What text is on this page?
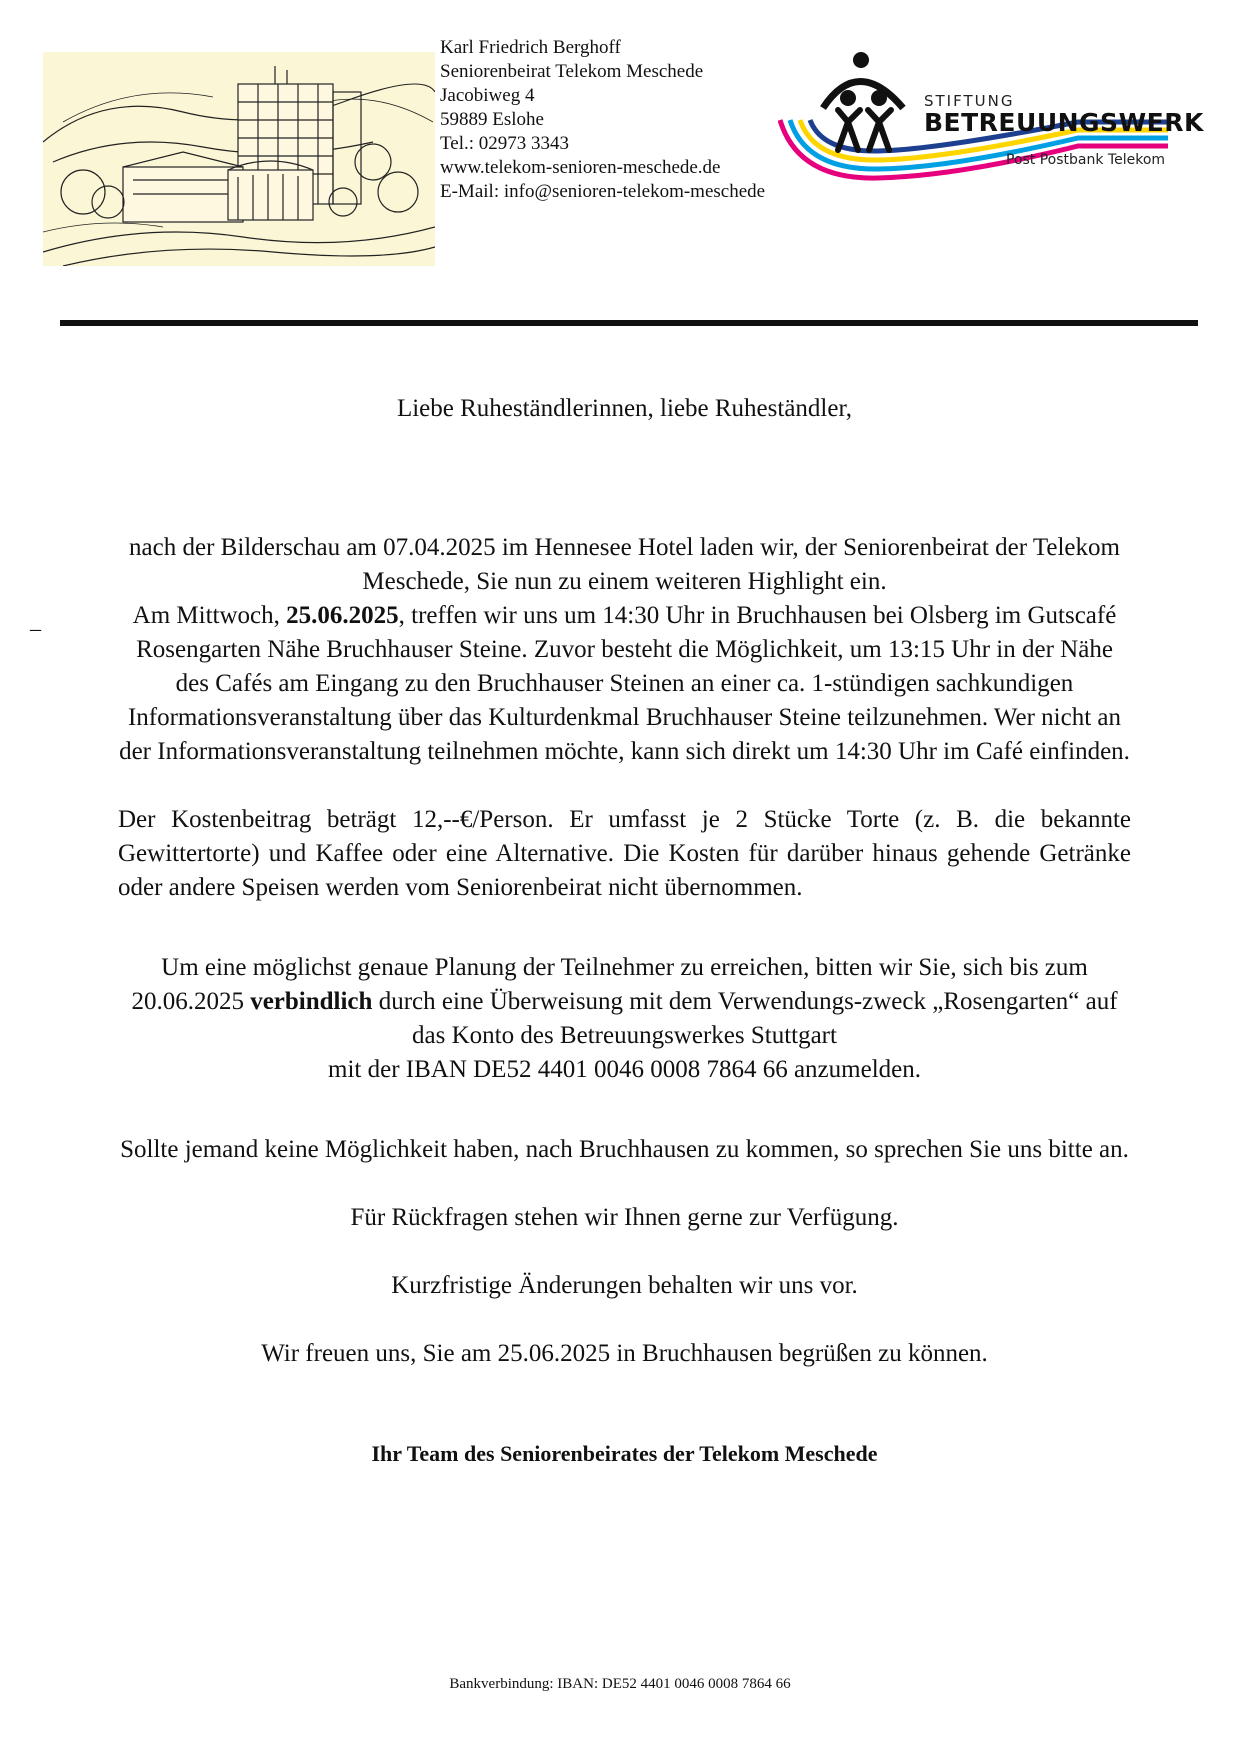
Karl Friedrich Berghoff
Seniorenbeirat Telekom Meschede
Jacobiweg 4
59889 Eslohe
Tel.: 02973 3343
www.telekom-senioren-meschede.de
E-Mail: info@senioren-telekom-meschede
STIFTUNG
BETREUUNGSWERK
Post Postbank Telekom
_

Liebe Ruheständlerinnen, liebe Ruheständler,

nach der Bilderschau am 07.04.2025 im Hennesee Hotel laden wir, der Seniorenbeirat der Telekom Meschede, Sie nun zu einem weiteren Highlight ein.

Am Mittwoch, 25.06.2025, treffen wir uns um 14:30 Uhr in Bruchhausen bei Olsberg im Gutscafé Rosengarten Nähe Bruchhauser Steine. Zuvor besteht die Möglichkeit, um 13:15 Uhr in der Nähe des Cafés am Eingang zu den Bruchhauser Steinen an einer ca. 1-stündigen sachkundigen Informationsveranstaltung über das Kulturdenkmal Bruchhauser Steine teilzunehmen. Wer nicht an der Informationsveranstaltung teilnehmen möchte, kann sich direkt um 14:30 Uhr im Café einfinden.

Der Kostenbeitrag beträgt 12,--€/Person. Er umfasst je 2 Stücke Torte (z. B. die bekannte Gewittertorte) und Kaffee oder eine Alternative. Die Kosten für darüber hinaus gehende Getränke oder andere Speisen werden vom Seniorenbeirat nicht übernommen.

Um eine möglichst genaue Planung der Teilnehmer zu erreichen, bitten wir Sie, sich bis zum 20.06.2025 verbindlich durch eine Überweisung mit dem Verwendungs-zweck „Rosengarten“ auf das Konto des Betreuungswerkes Stuttgart
mit der IBAN DE52 4401 0046 0008 7864 66 anzumelden.

Sollte jemand keine Möglichkeit haben, nach Bruchhausen zu kommen, so sprechen Sie uns bitte an.

Für Rückfragen stehen wir Ihnen gerne zur Verfügung.

Kurzfristige Änderungen behalten wir uns vor.

Wir freuen uns, Sie am 25.06.2025 in Bruchhausen begrüßen zu können.

Ihr Team des Seniorenbeirates der Telekom Meschede

Bankverbindung: IBAN: DE52 4401 0046 0008 7864 66
